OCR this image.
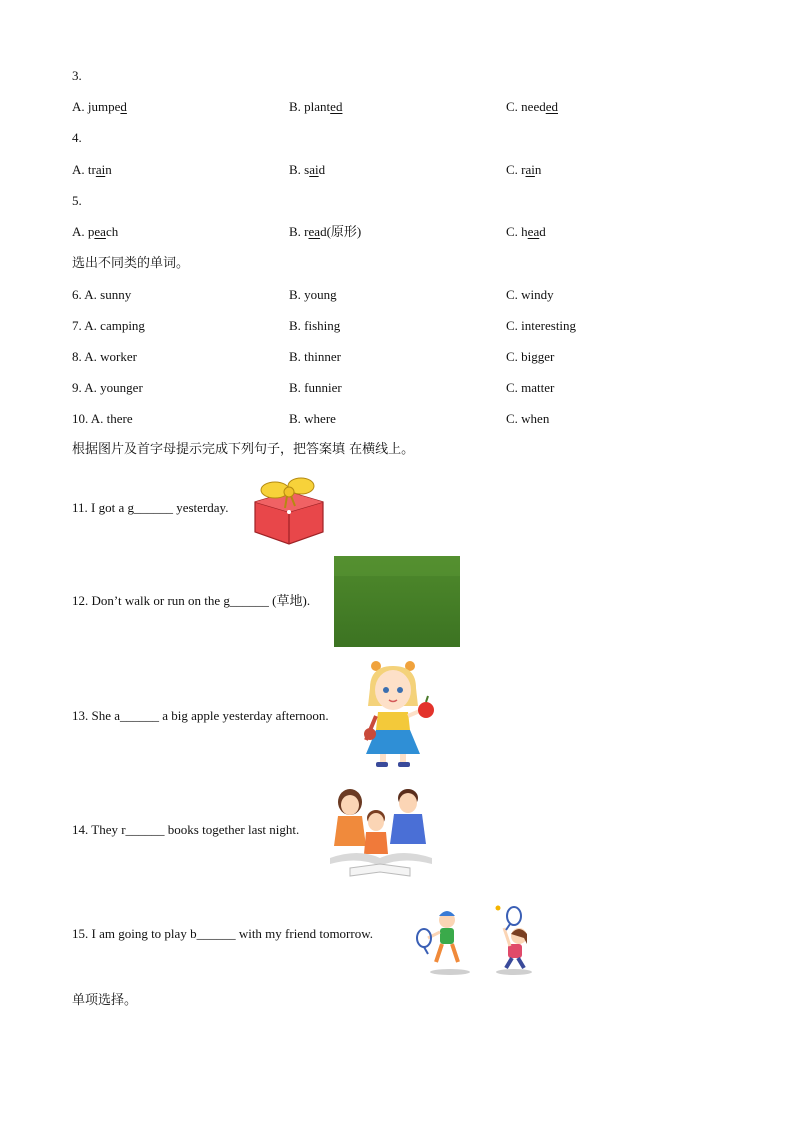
3.
A. jumped	B. planted	C. needed
4.
A. train	B. said	C. rain
5.
A. peach	B. read(原形)	C. head
选出不同类的单词。
6. A. sunny	B. young	C. windy
7. A. camping	B. fishing	C. interesting
8. A. worker	B. thinner	C. bigger
9. A. younger	B. funnier	C. matter
10. A. there	B. where	C. when
根据图片及首字母提示完成下列句子，把答案填 在横线上。
11. I got a g______ yesterday.
12. Don’t walk or run on the g______ (草地).
13. She a______ a big apple yesterday afternoon.
14. They r______ books together last night.
15. I am going to play b______ with my friend tomorrow.
单项选择。
